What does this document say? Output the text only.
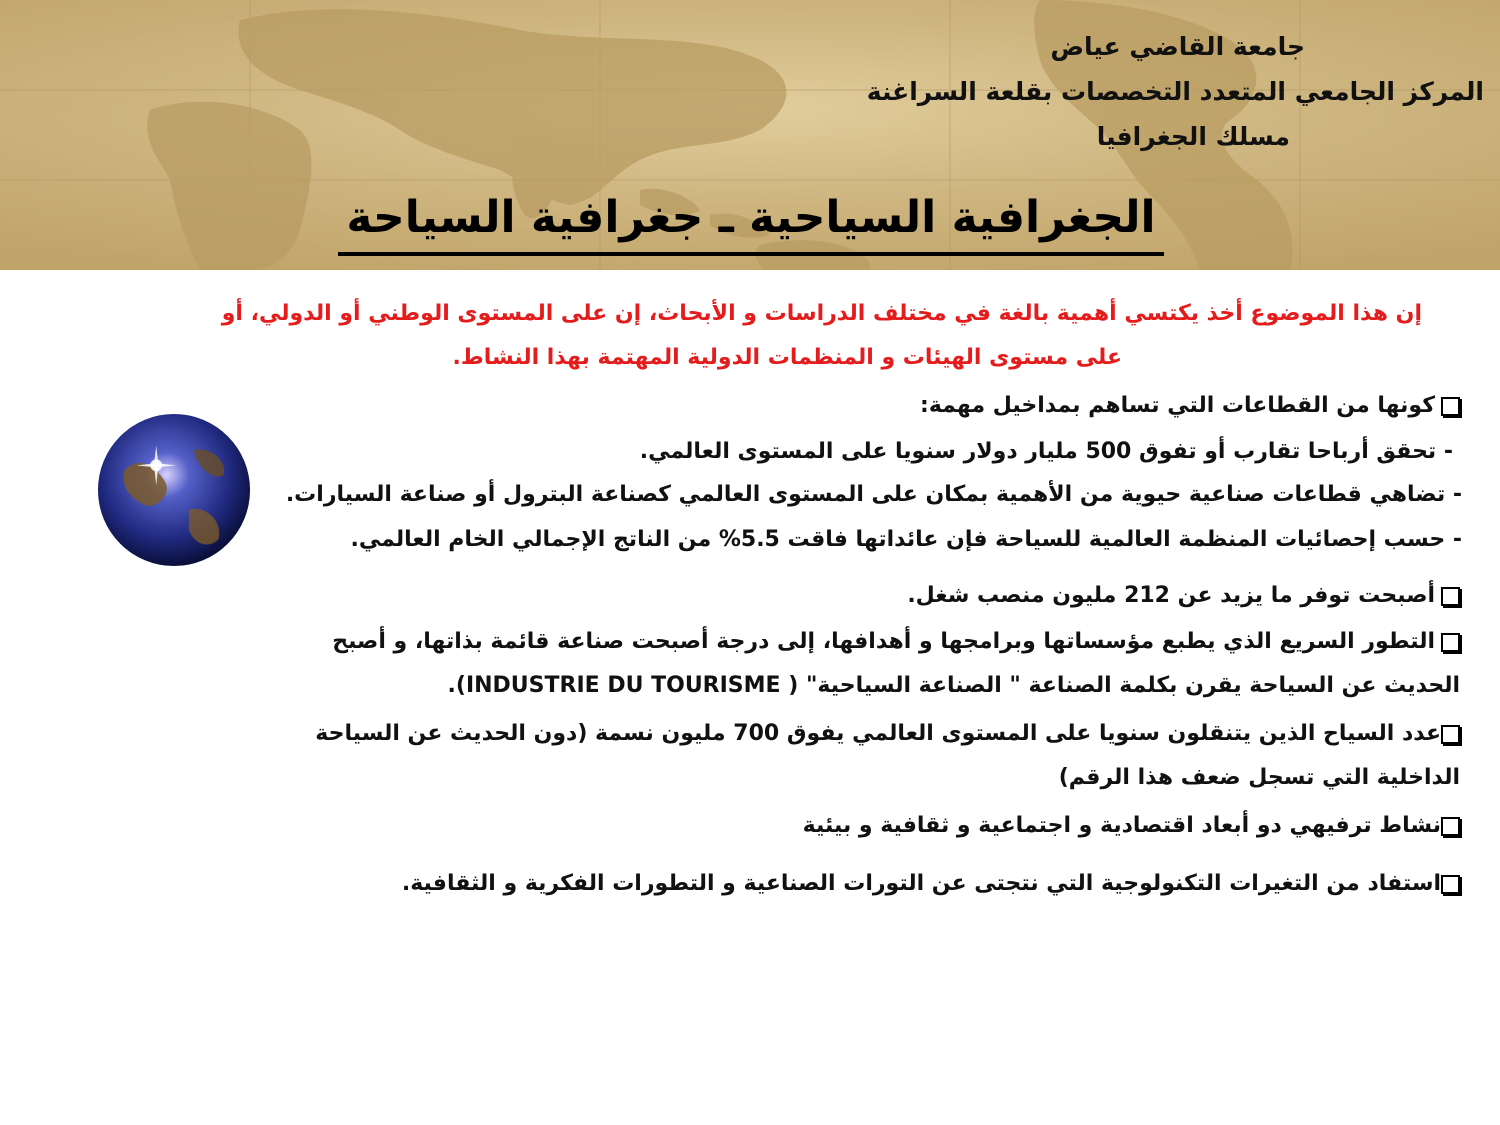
جامعة القاضي عياض
المركز الجامعي المتعدد التخصصات بقلعة السراغنة
مسلك الجغرافيا
الجغرافية السياحية ـ جغرافية السياحة
إن هذا الموضوع أخذ يكتسي أهمية بالغة في مختلف الدراسات و الأبحاث، إن على المستوى الوطني أو الدولي، أو
على مستوى الهيئات و المنظمات الدولية المهتمة بهذا النشاط.
كونها من القطاعات التي تساهم بمداخيل مهمة:
- تحقق أرباحا تقارب أو تفوق 500 مليار دولار سنويا على المستوى العالمي.
- تضاهي قطاعات صناعية حيوية من الأهمية بمكان على المستوى العالمي كصناعة البترول أو صناعة السيارات.
- حسب إحصائيات المنظمة العالمية للسياحة فإن عائداتها فاقت 5.5% من الناتج الإجمالي الخام العالمي.
أصبحت توفر ما يزيد عن 212 مليون منصب شغل.
التطور السريع الذي يطبع مؤسساتها وبرامجها و أهدافها، إلى درجة أصبحت صناعة قائمة بذاتها، و أصبح
الحديث عن السياحة يقرن بكلمة الصناعة " الصناعة السياحية" ( INDUSTRIE DU TOURISME).
عدد السياح الذين يتنقلون سنويا على المستوى العالمي يفوق 700 مليون نسمة (دون الحديث عن السياحة
الداخلية التي تسجل ضعف هذا الرقم)
نشاط ترفيهي دو أبعاد اقتصادية و اجتماعية و ثقافية و بيئية
استفاد من التغيرات التكنولوجية التي نتجتى عن التورات الصناعية و التطورات الفكرية و الثقافية.
